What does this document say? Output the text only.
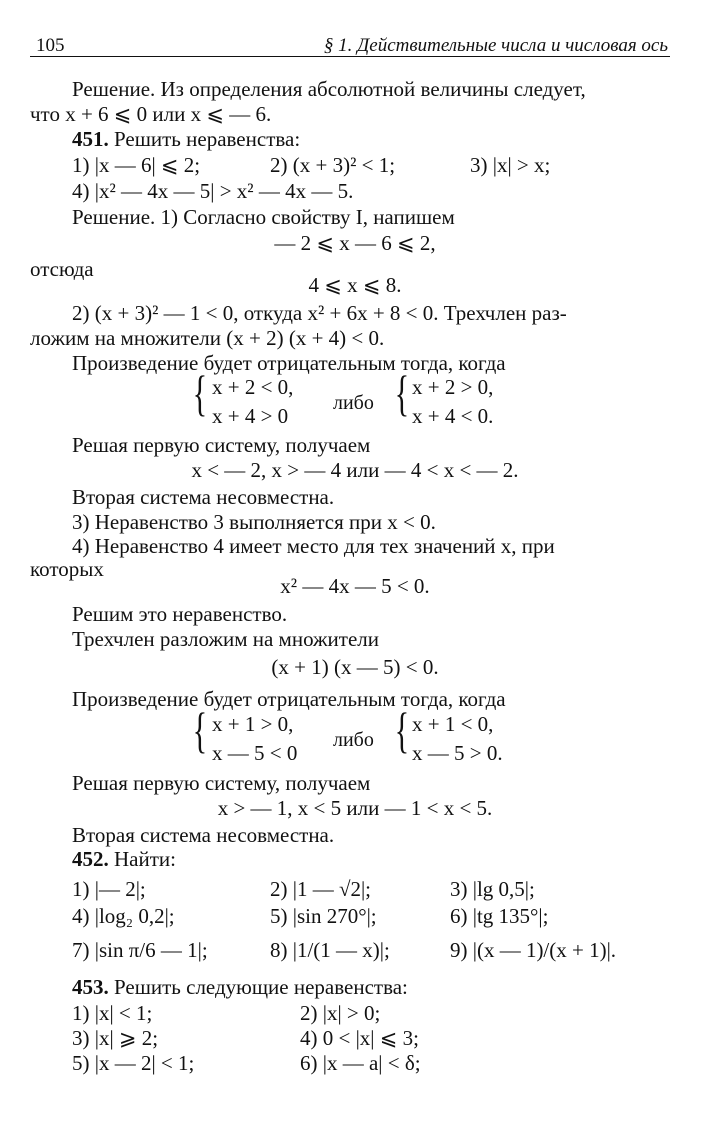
105	§ 1. Действительные числа и числовая ось
Решение. Из определения абсолютной величины следует,
что x + 6 ⩽ 0 или x ⩽ — 6.
451. Решить неравенства:
1) |x — 6| ⩽ 2;	2) (x + 3)² < 1;	3) |x| > x;
4) |x² — 4x — 5| > x² — 4x — 5.
Решение. 1) Согласно свойству I, напишем
— 2 ⩽ x — 6 ⩽ 2,
отсюда
4 ⩽ x ⩽ 8.
2) (x + 3)² — 1 < 0, откуда x² + 6x + 8 < 0. Трехчлен раз-
ложим на множители (x + 2) (x + 4) < 0.
Произведение будет отрицательным тогда, когда
{ x + 2 < 0,
x + 4 > 0
либо { x + 2 > 0,
x + 4 < 0.
Решая первую систему, получаем
x < — 2, x > — 4 или — 4 < x < — 2.
Вторая система несовместна.
3) Неравенство 3 выполняется при x < 0.
4) Неравенство 4 имеет место для тех значений x, при
которых
x² — 4x — 5 < 0.
Решим это неравенство.
Трехчлен разложим на множители
(x + 1) (x — 5) < 0.
Произведение будет отрицательным тогда, когда
{ x + 1 > 0,
x — 5 < 0
либо { x + 1 < 0,
x — 5 > 0.
Решая первую систему, получаем
x > — 1, x < 5 или — 1 < x < 5.
Вторая система несовместна.
452. Найти:
1) |— 2|;	2) |1 — √2|;	3) |lg 0,5|;
4) |log₂ 0,2|;	5) |sin 270°|;	6) |tg 135°|;
7) |sin π/6 — 1|;	8) |1/(1 — x)|;	9) |(x — 1)/(x + 1)|.
453. Решить следующие неравенства:
1) |x| < 1;	2) |x| > 0;
3) |x| ⩾ 2;	4) 0 < |x| ⩽ 3;
5) |x — 2| < 1;	6) |x — a| < δ;
